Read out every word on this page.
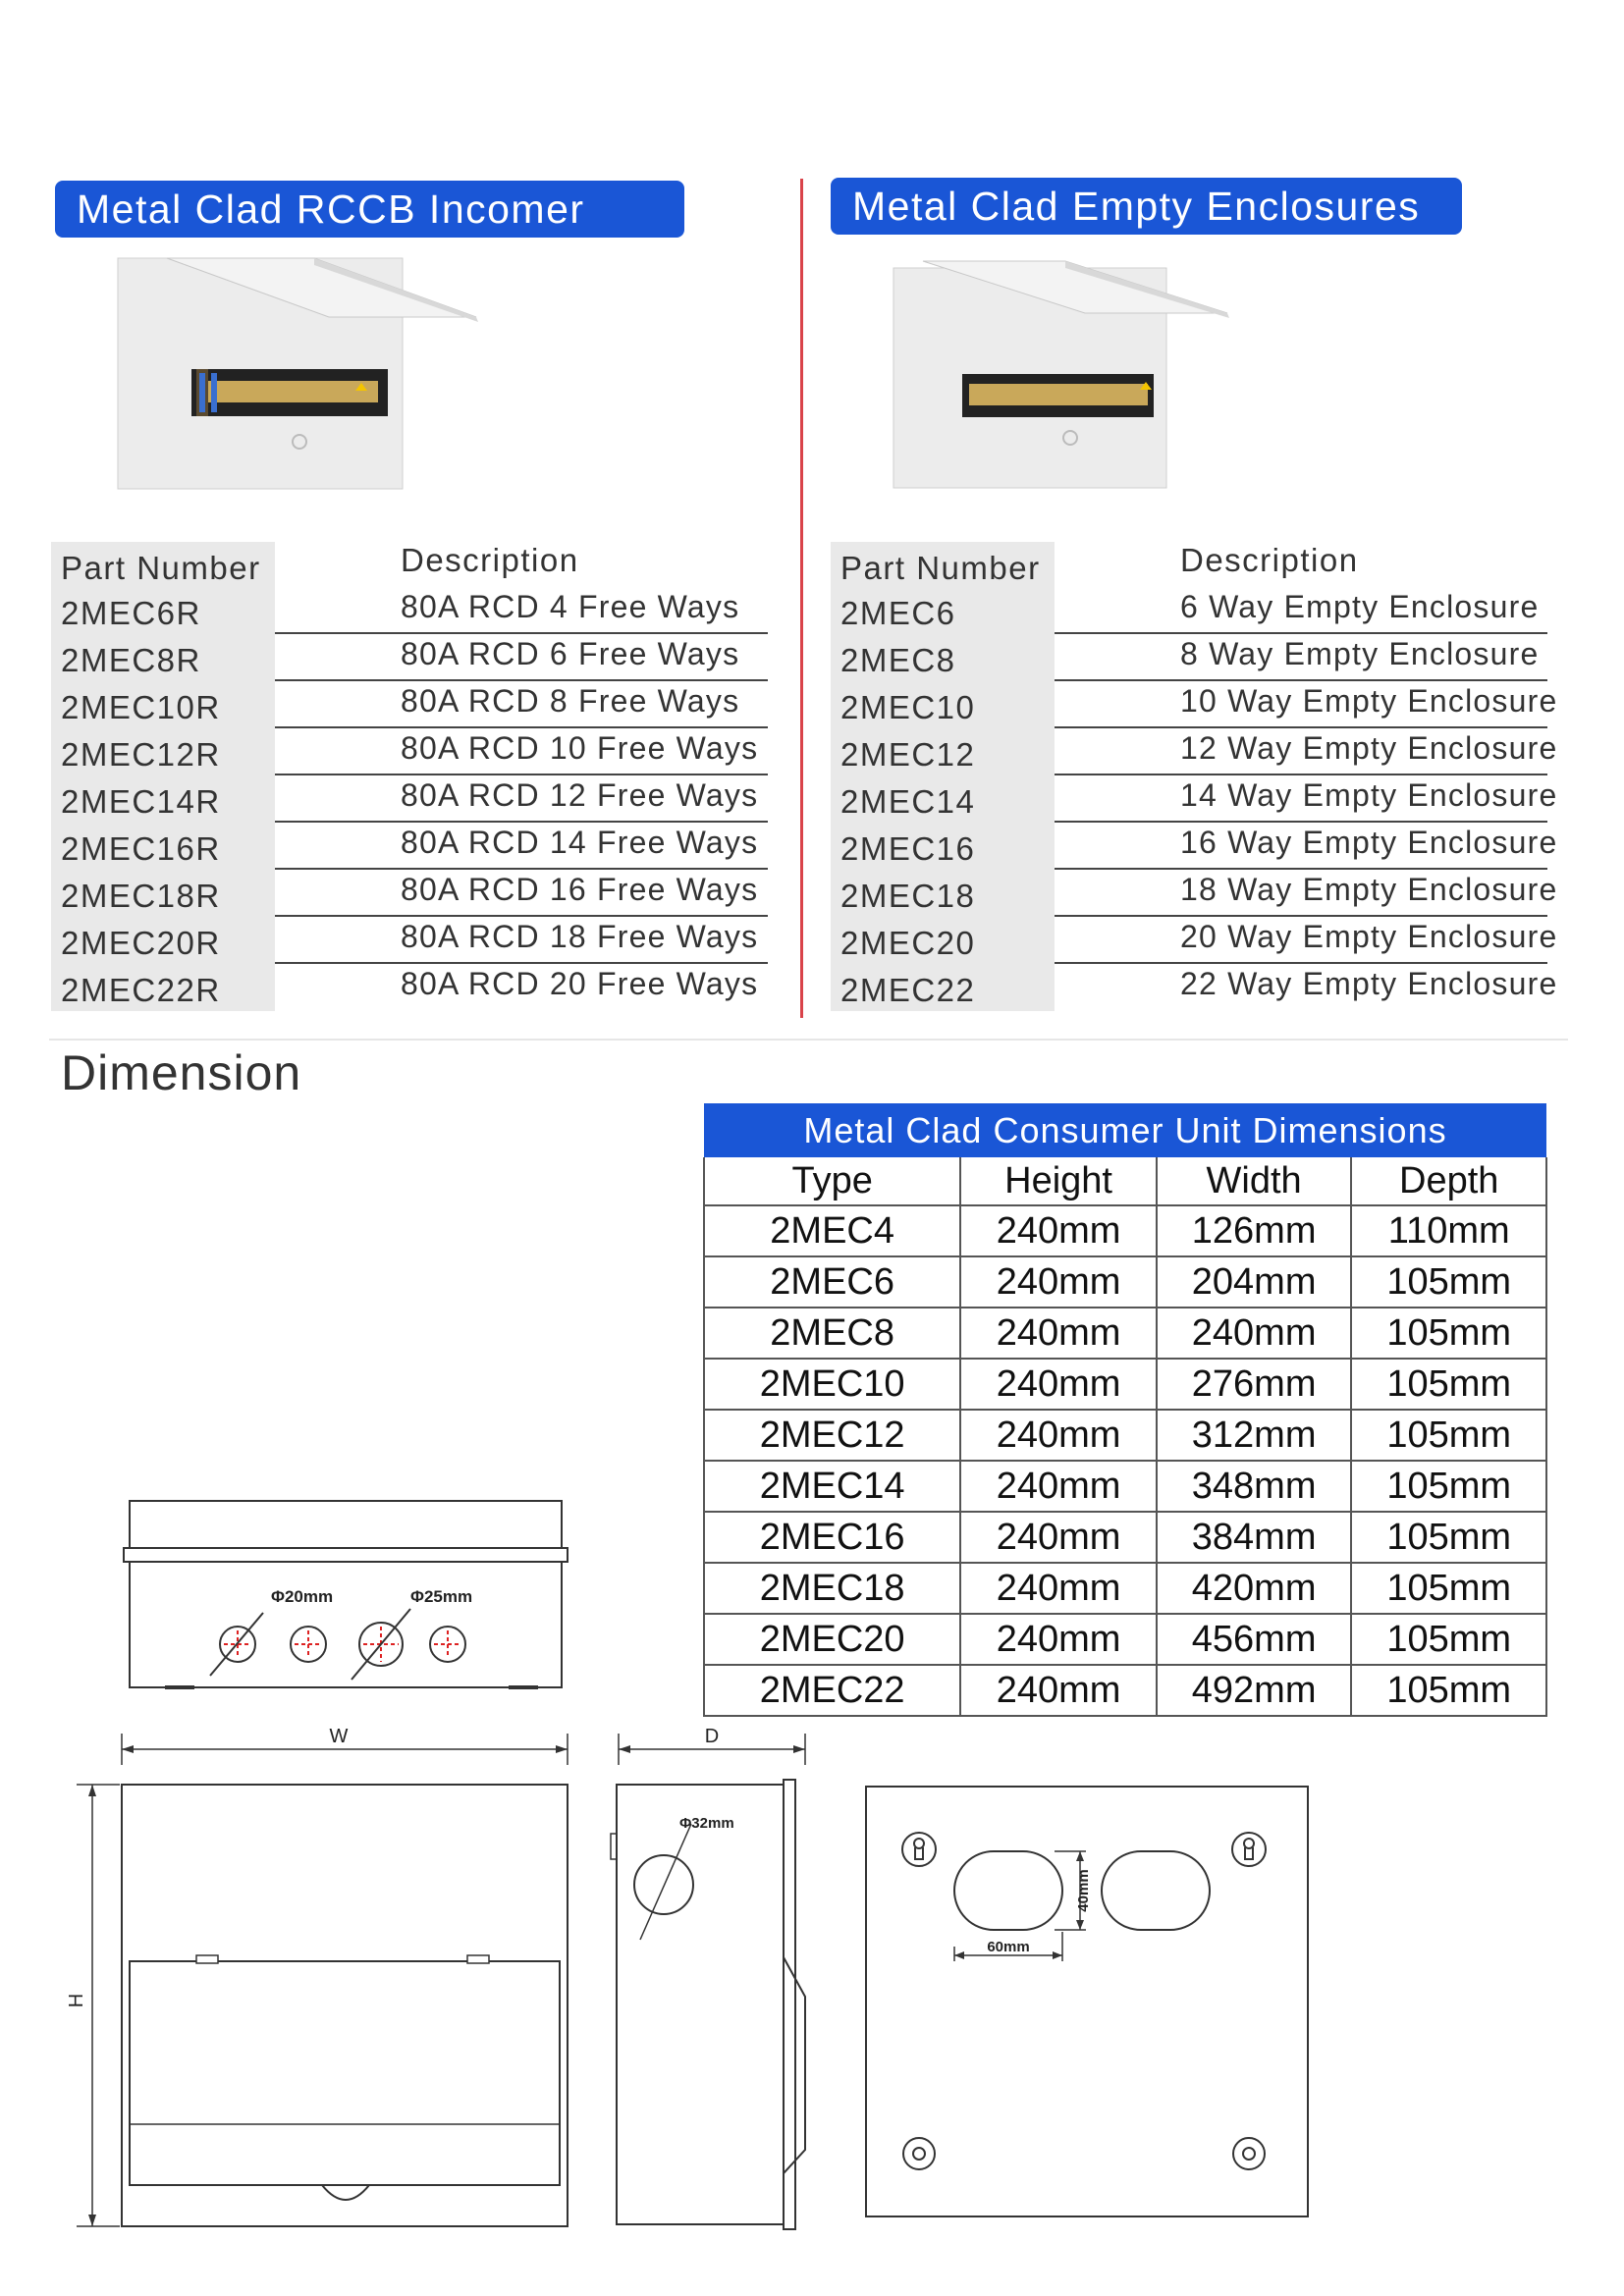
Metal Clad RCCB Incomer	Metal Clad Empty Enclosures
Part Number	Description
2MEC6R	80A RCD 4 Free Ways
2MEC8R	80A RCD 6 Free Ways
2MEC10R	80A RCD 8 Free Ways
2MEC12R	80A RCD 10 Free Ways
2MEC14R	80A RCD 12 Free Ways
2MEC16R	80A RCD 14 Free Ways
2MEC18R	80A RCD 16 Free Ways
2MEC20R	80A RCD 18 Free Ways
2MEC22R	80A RCD 20 Free Ways
Part Number	Description
2MEC6	6 Way Empty Enclosure
2MEC8	8 Way Empty Enclosure
2MEC10	10 Way Empty Enclosure
2MEC12	12 Way Empty Enclosure
2MEC14	14 Way Empty Enclosure
2MEC16	16 Way Empty Enclosure
2MEC18	18 Way Empty Enclosure
2MEC20	20 Way Empty Enclosure
2MEC22	22 Way Empty Enclosure
Dimension
Metal Clad Consumer Unit Dimensions			
Type	Height	Width	Depth
2MEC4	240mm	126mm	110mm
2MEC6	240mm	204mm	105mm
2MEC8	240mm	240mm	105mm
2MEC10	240mm	276mm	105mm
2MEC12	240mm	312mm	105mm
2MEC14	240mm	348mm	105mm
2MEC16	240mm	384mm	105mm
2MEC18	240mm	420mm	105mm
2MEC20	240mm	456mm	105mm
2MEC22	240mm	492mm	105mm
Φ20mm	Φ25mm
W
H
D
Φ32mm
60mm
40mm
